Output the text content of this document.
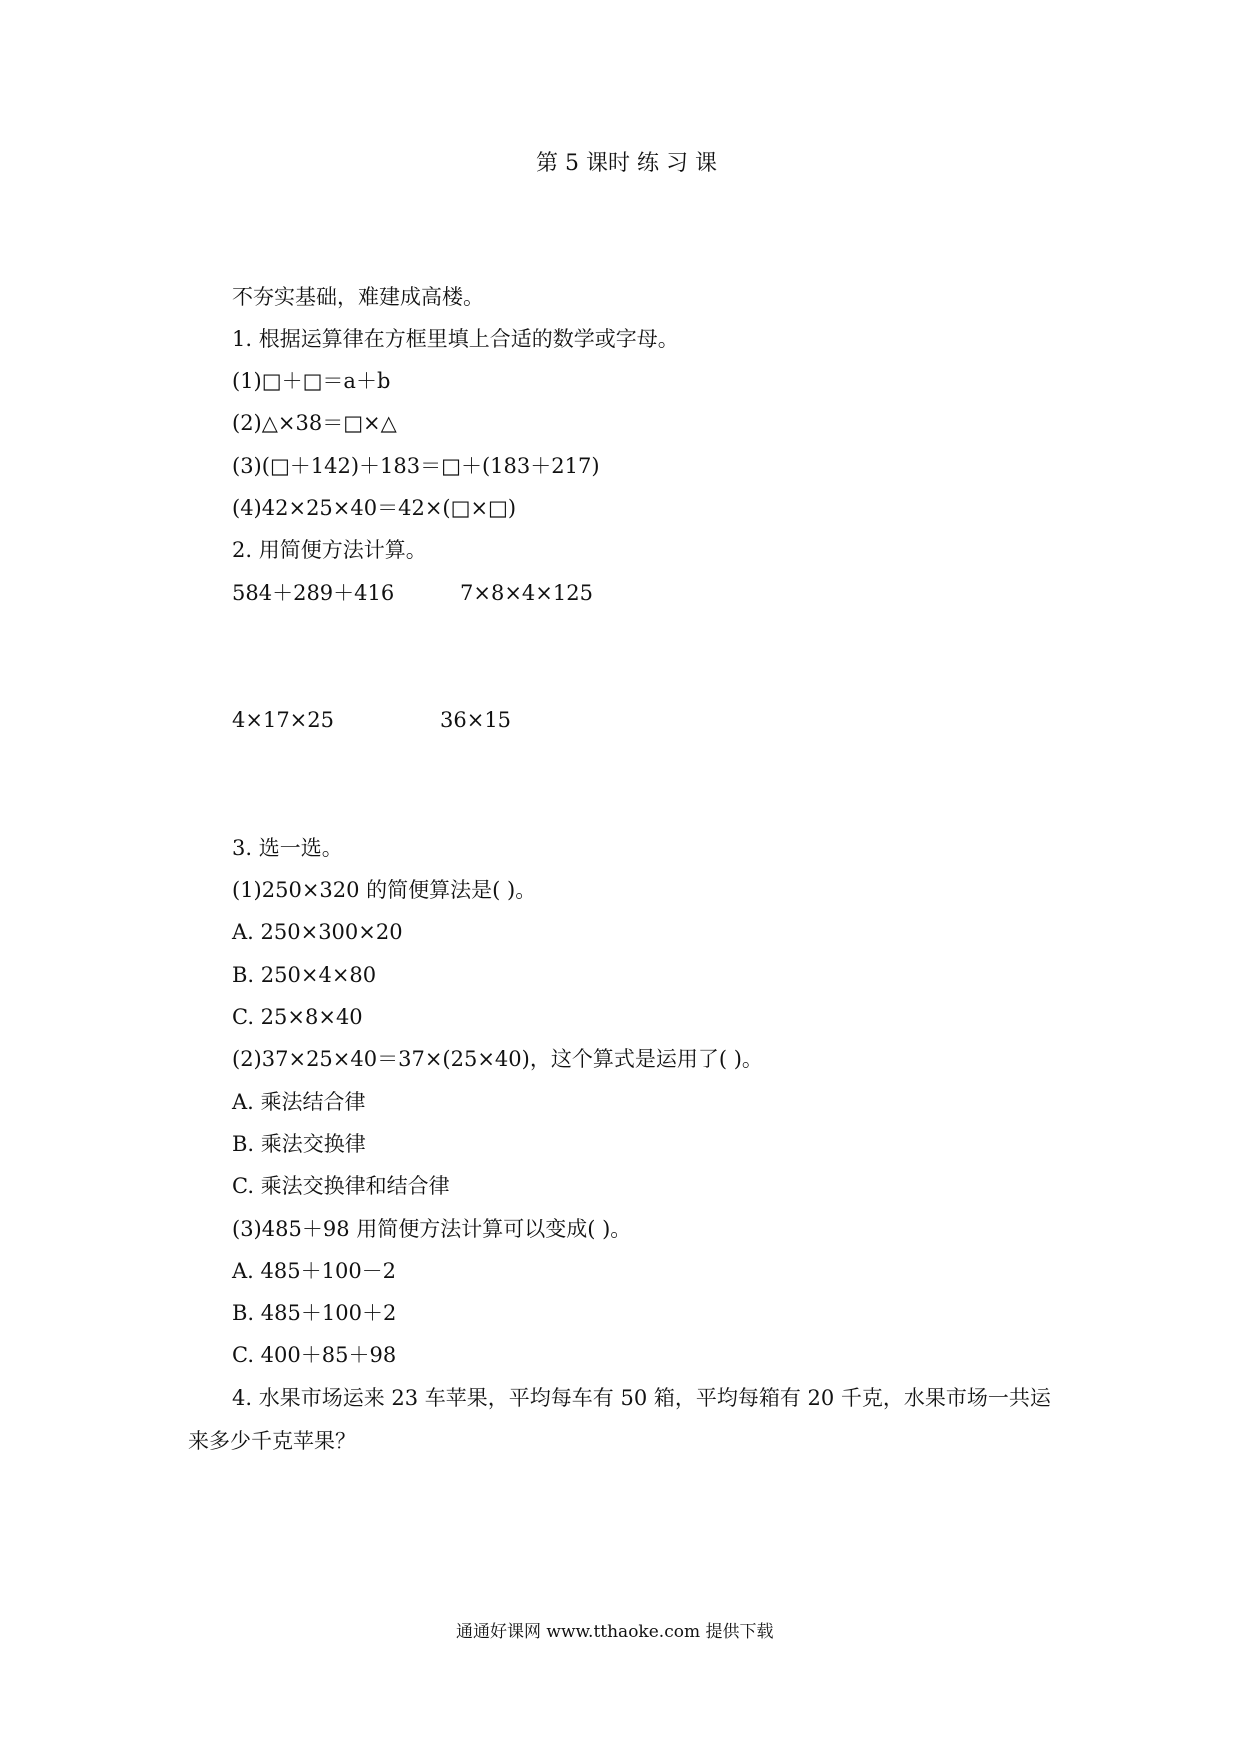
第 5 课时 练 习 课
不夯实基础，难建成高楼。
1. 根据运算律在方框里填上合适的数学或字母。
(1)□＋□＝a＋b
(2)△×38＝□×△
(3)(□＋142)＋183＝□＋(183＋217)
(4)42×25×40＝42×(□×□)
2. 用简便方法计算。
584＋289＋416	7×8×4×125
4×17×25	36×15
3. 选一选。
(1)250×320 的简便算法是( )。
A. 250×300×20
B. 250×4×80
C. 25×8×40
(2)37×25×40＝37×(25×40)，这个算式是运用了( )。
A. 乘法结合律
B. 乘法交换律
C. 乘法交换律和结合律
(3)485＋98 用简便方法计算可以变成( )。
A. 485＋100－2
B. 485＋100＋2
C. 400＋85＋98
4. 水果市场运来 23 车苹果，平均每车有 50 箱，平均每箱有 20 千克，水果市场一共运
来多少千克苹果？
通通好课网 www.tthaoke.com 提供下载
